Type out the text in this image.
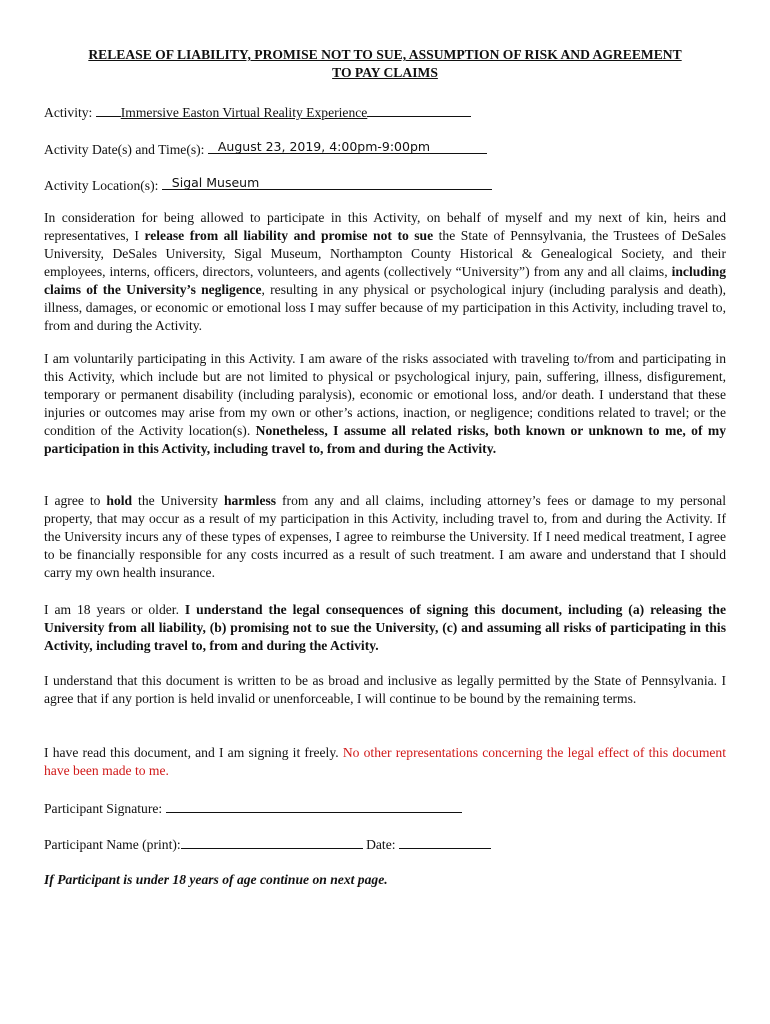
RELEASE OF LIABILITY, PROMISE NOT TO SUE, ASSUMPTION OF RISK AND AGREEMENT
TO PAY CLAIMS
Activity: Immersive Easton Virtual Reality Experience
Activity Date(s) and Time(s): August 23, 2019, 4:00pm-9:00pm
Activity Location(s): Sigal Museum

In consideration for being allowed to participate in this Activity, on behalf of myself and my next of kin, heirs and representatives, I release from all liability and promise not to sue the State of Pennsylvania, the Trustees of DeSales University, DeSales University, Sigal Museum, Northampton County Historical & Genealogical Society, and their employees, interns, officers, directors, volunteers, and agents (collectively “University”) from any and all claims, including claims of the University’s negligence, resulting in any physical or psychological injury (including paralysis and death), illness, damages, or economic or emotional loss I may suffer because of my participation in this Activity, including travel to, from and during the Activity.

I am voluntarily participating in this Activity. I am aware of the risks associated with traveling to/from and participating in this Activity, which include but are not limited to physical or psychological injury, pain, suffering, illness, disfigurement, temporary or permanent disability (including paralysis), economic or emotional loss, and/or death. I understand that these injuries or outcomes may arise from my own or other’s actions, inaction, or negligence; conditions related to travel; or the condition of the Activity location(s). Nonetheless, I assume all related risks, both known or unknown to me, of my participation in this Activity, including travel to, from and during the Activity.

I agree to hold the University harmless from any and all claims, including attorney’s fees or damage to my personal property, that may occur as a result of my participation in this Activity, including travel to, from and during the Activity. If the University incurs any of these types of expenses, I agree to reimburse the University. If I need medical treatment, I agree to be financially responsible for any costs incurred as a result of such treatment. I am aware and understand that I should carry my own health insurance.

I am 18 years or older. I understand the legal consequences of signing this document, including (a) releasing the University from all liability, (b) promising not to sue the University, (c) and assuming all risks of participating in this Activity, including travel to, from and during the Activity.

I understand that this document is written to be as broad and inclusive as legally permitted by the State of Pennsylvania. I agree that if any portion is held invalid or unenforceable, I will continue to be bound by the remaining terms.

I have read this document, and I am signing it freely. No other representations concerning the legal effect of this document have been made to me.

Participant Signature:
Participant Name (print):	Date:
If Participant is under 18 years of age continue on next page.
